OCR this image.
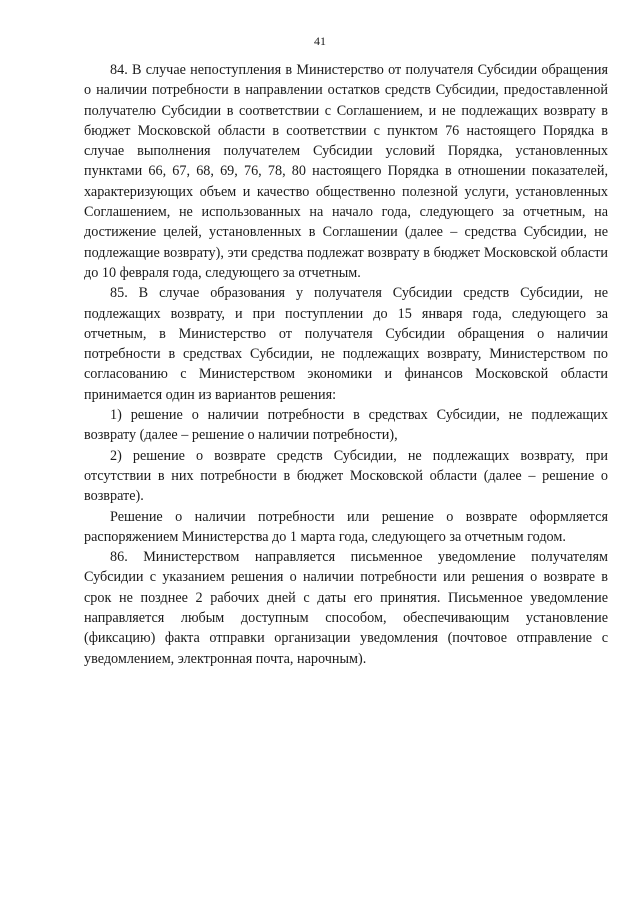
41

84. В случае непоступления в Министерство от получателя Субсидии обращения о наличии потребности в направлении остатков средств Субсидии, предоставленной получателю Субсидии в соответствии с Соглашением, и не подлежащих возврату в бюджет Московской области в соответствии с пунктом 76 настоящего Порядка в случае выполнения получателем Субсидии условий Порядка, установленных пунктами 66, 67, 68, 69, 76, 78, 80 настоящего Порядка в отношении показателей, характеризующих объем и качество общественно полезной услуги, установленных Соглашением, не использованных на начало года, следующего за отчетным, на достижение целей, установленных в Соглашении (далее – средства Субсидии, не подлежащие возврату), эти средства подлежат возврату в бюджет Московской области до 10 февраля года, следующего за отчетным.

85. В случае образования у получателя Субсидии средств Субсидии, не подлежащих возврату, и при поступлении до 15 января года, следующего за отчетным, в Министерство от получателя Субсидии обращения о наличии потребности в средствах Субсидии, не подлежащих возврату, Министерством по согласованию с Министерством экономики и финансов Московской области принимается один из вариантов решения:

1) решение о наличии потребности в средствах Субсидии, не подлежащих возврату (далее – решение о наличии потребности),

2) решение о возврате средств Субсидии, не подлежащих возврату, при отсутствии в них потребности в бюджет Московской области (далее – решение о возврате).

Решение о наличии потребности или решение о возврате оформляется распоряжением Министерства до 1 марта года, следующего за отчетным годом.

86. Министерством направляется письменное уведомление получателям Субсидии с указанием решения о наличии потребности или решения о возврате в срок не позднее 2 рабочих дней с даты его принятия. Письменное уведомление направляется любым доступным способом, обеспечивающим установление (фиксацию) факта отправки организации уведомления (почтовое отправление с уведомлением, электронная почта, нарочным).
